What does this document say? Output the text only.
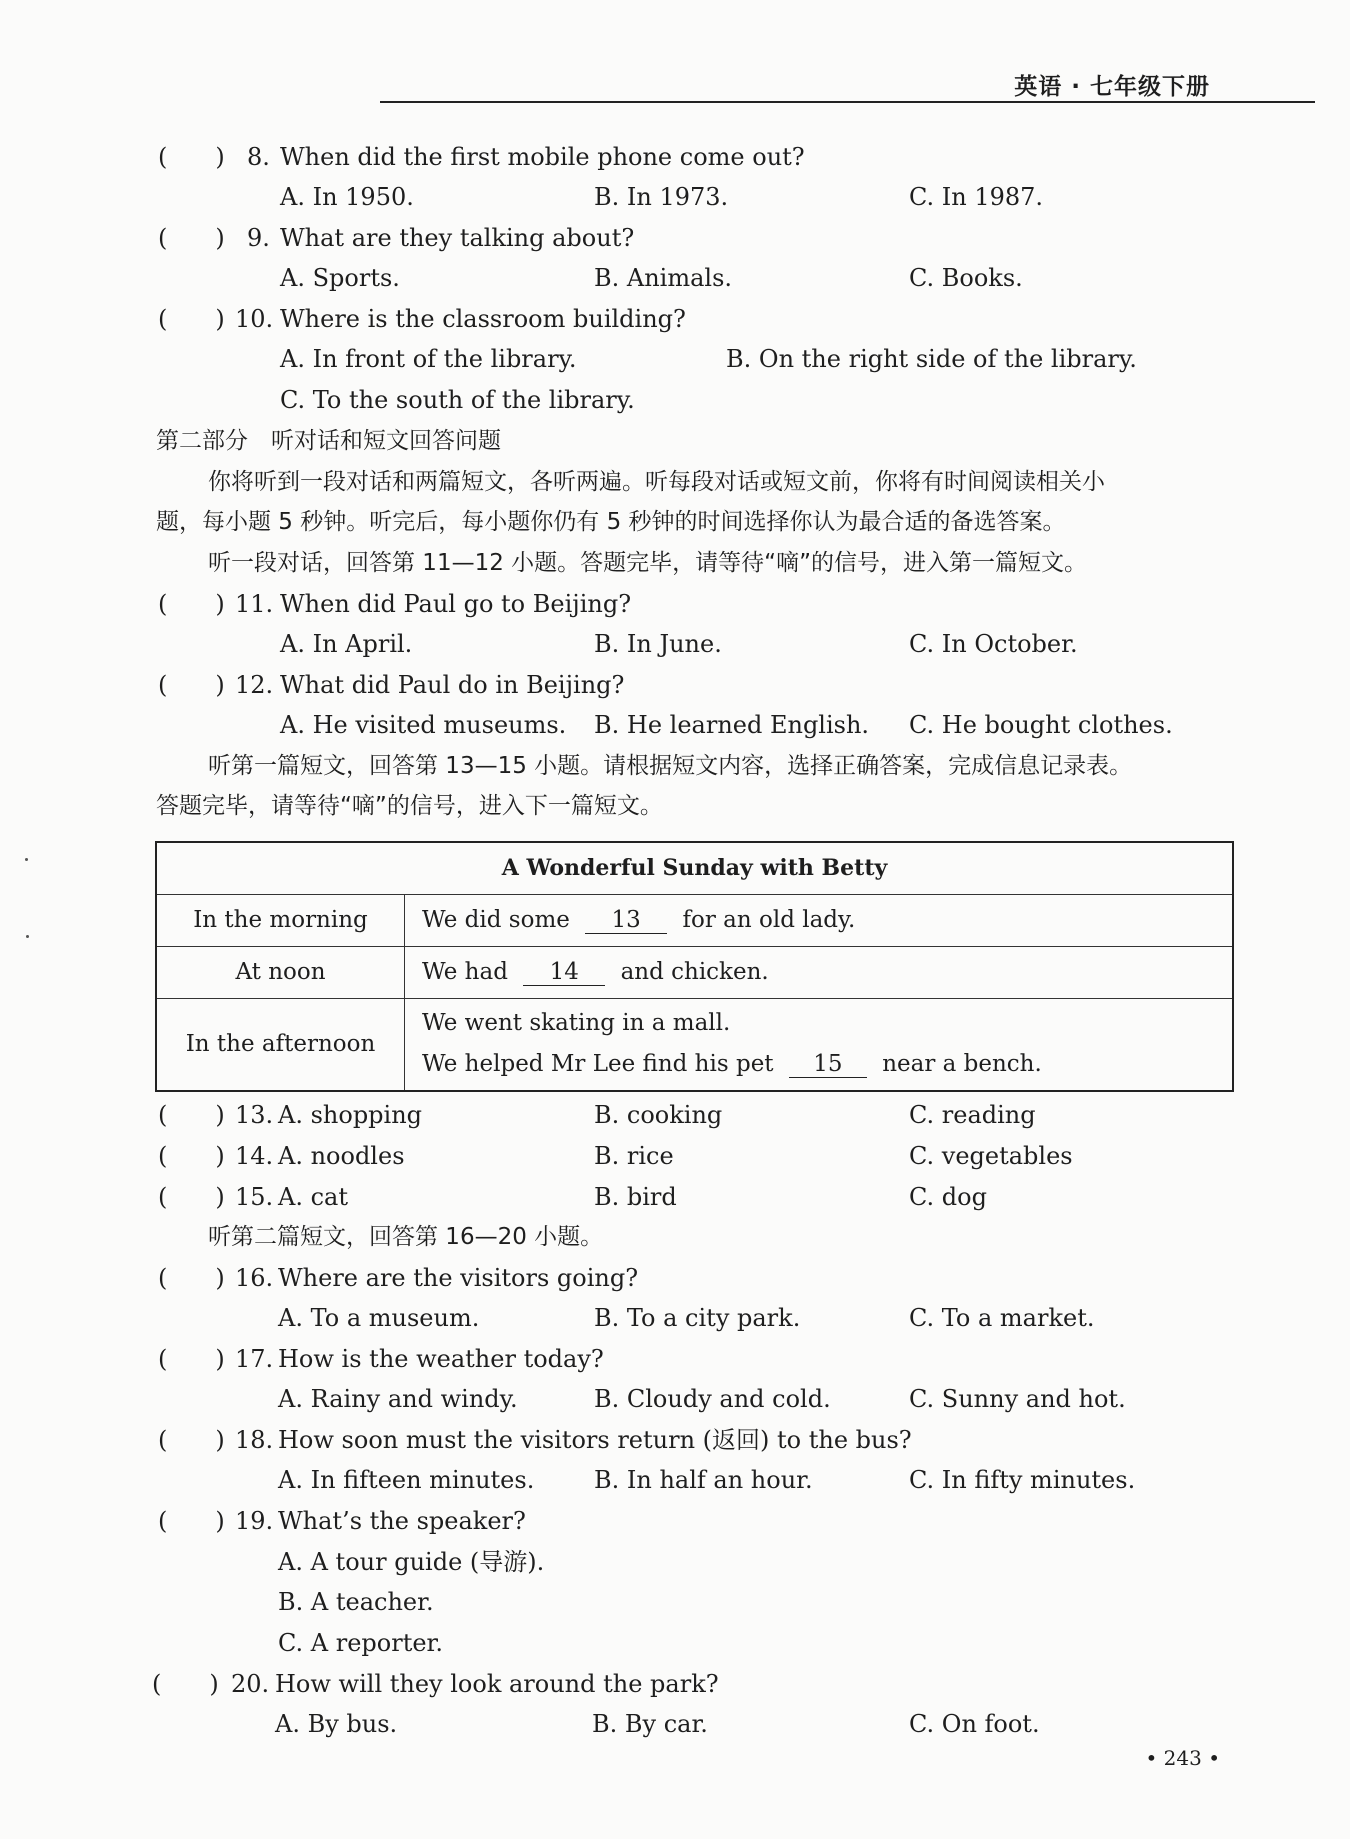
英语 · 七年级下册
(　　) 8. When did the first mobile phone come out?
A. In 1950.	B. In 1973.	C. In 1987.
(　　) 9. What are they talking about?
A. Sports.	B. Animals.	C. Books.
(　　) 10. Where is the classroom building?
A. In front of the library.	B. On the right side of the library.
C. To the south of the library.
第二部分　听对话和短文回答问题
你将听到一段对话和两篇短文，各听两遍。听每段对话或短文前，你将有时间阅读相关小
题，每小题 5 秒钟。听完后，每小题你仍有 5 秒钟的时间选择你认为最合适的备选答案。
听一段对话，回答第 11—12 小题。答题完毕，请等待“嘀”的信号，进入第一篇短文。
(　　) 11. When did Paul go to Beijing?
A. In April.	B. In June.	C. In October.
(　　) 12. What did Paul do in Beijing?
A. He visited museums. B. He learned English. C. He bought clothes.
听第一篇短文，回答第 13—15 小题。请根据短文内容，选择正确答案，完成信息记录表。
答题完毕，请等待“嘀”的信号，进入下一篇短文。
A Wonderful Sunday with Betty
In the morning	We did some 13 for an old lady.
At noon	We had 14 and chicken.
In the afternoon
We went skating in a mall.
We helped Mr Lee find his pet 15 near a bench.
(　　) 13. A. shopping	B. cooking	C. reading
(　　) 14. A. noodles	B. rice	C. vegetables
(　　) 15. A. cat	B. bird	C. dog
听第二篇短文，回答第 16—20 小题。
(　　) 16. Where are the visitors going?
A. To a museum.	B. To a city park.	C. To a market.
(　　) 17. How is the weather today?
A. Rainy and windy.	B. Cloudy and cold.	C. Sunny and hot.
(　　) 18. How soon must the visitors return (返回) to the bus?
A. In fifteen minutes. B. In half an hour.	C. In fifty minutes.
(　　) 19. What’s the speaker?
A. A tour guide (导游).
B. A teacher.
C. A reporter.
(　　) 20. How will they look around the park?
A. By bus.	B. By car.	C. On foot.
• 243 •
